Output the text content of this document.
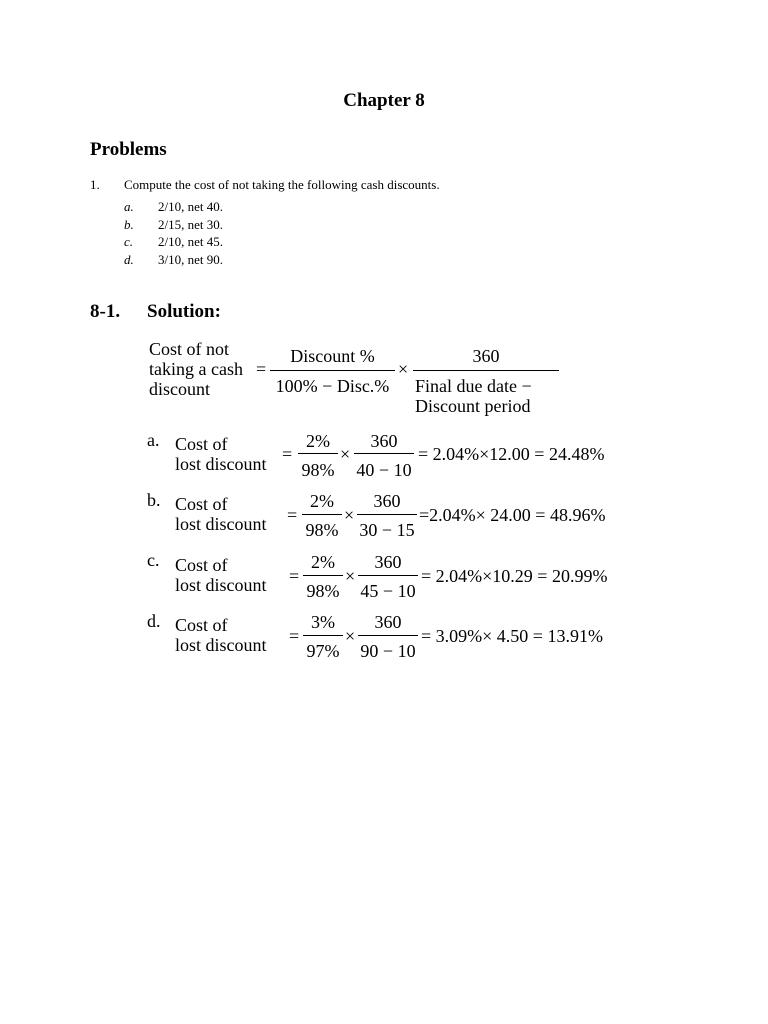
Chapter 8
Problems
1. Compute the cost of not taking the following cash discounts.
a. 2/10, net 40.
b. 2/15, net 30.
c. 2/10, net 45.
d. 3/10, net 90.
8-1. Solution:
Cost of not
taking a cash
discount
=
Discount %
100% − Disc.%
×
360
Final due date −
Discount period
a. Cost of
lost discount =
2%
98%
×
360
40 − 10
= 2.04%×12.00 = 24.48%
b. Cost of
lost discount =
2%
98%
×
360
30 − 15
=2.04%× 24.00 = 48.96%
c. Cost of
lost discount =
2%
98%
×
360
45 − 10
= 2.04%×10.29 = 20.99%
d. Cost of
lost discount =
3%
97%
×
360
90 − 10
= 3.09%× 4.50 = 13.91%
